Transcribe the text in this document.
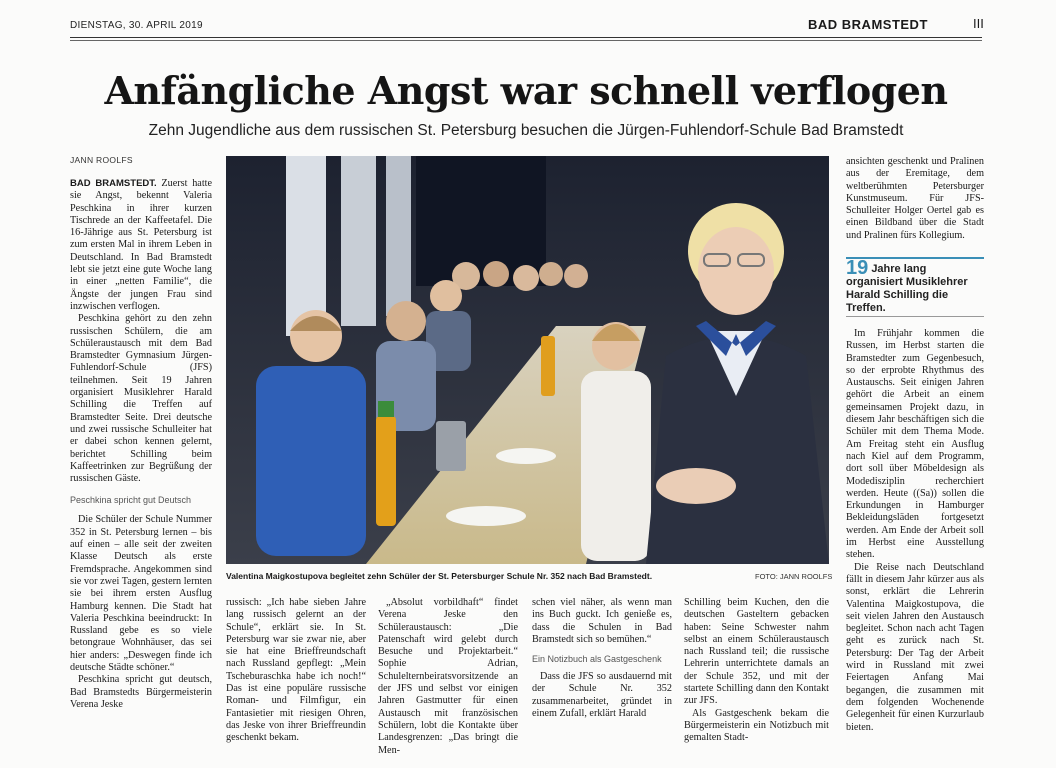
DIENSTAG, 30. APRIL 2019	BAD BRAMSTEDT	III
Anfängliche Angst war schnell verflogen
Zehn Jugendliche aus dem russischen St. Petersburg besuchen die Jürgen-Fuhlendorf-Schule Bad Bramstedt
JANN ROOLFS

BAD BRAMSTEDT. Zuerst hatte sie Angst, bekennt Valeria Peschkina in ihrer kurzen Tischrede an der Kaffeetafel. Die 16-Jährige aus St. Petersburg ist zum ersten Mal in ihrem Leben in Deutschland. In Bad Bramstedt lebt sie jetzt eine gute Woche lang in einer „netten Familie“, die Ängste der jungen Frau sind inzwischen verflogen.

Peschkina gehört zu den zehn russischen Schülern, die am Schüleraustausch mit dem Bad Bramstedter Gymnasium Jürgen-Fuhlendorf-Schule (JFS) teilnehmen. Seit 19 Jahren organisiert Musiklehrer Harald Schilling die Treffen auf Bramstedter Seite. Drei deutsche und zwei russische Schulleiter hat er dabei schon kennen gelernt, berichtet Schilling beim Kaffeetrinken zur Begrüßung der russischen Gäste.

Peschkina spricht gut Deutsch

Die Schüler der Schule Nummer 352 in St. Petersburg lernen – bis auf einen – alle seit der zweiten Klasse Deutsch als erste Fremdsprache. Angekommen sind sie vor zwei Tagen, gestern lernten sie bei ihrem ersten Ausflug Hamburg kennen. Die Stadt hat Valeria Peschkina beeindruckt: In Russland gebe es so viele betongraue Wohnhäuser, das sei hier anders: „Deswegen finde ich deutsche Städte schöner.“

Peschkina spricht gut deutsch, Bad Bramstedts Bürgermeisterin Verena Jeske

Valentina Maigkostupova begleitet zehn Schüler der St. Petersburger Schule Nr. 352 nach Bad Bramstedt.	FOTO: JANN ROOLFS

russisch: „Ich habe sieben Jahre lang russisch gelernt an der Schule“, erklärt sie. In St. Petersburg war sie zwar nie, aber sie hat eine Brieffreundschaft nach Russland gepflegt: „Mein Tscheburaschka habe ich noch!“ Das ist eine populäre russische Roman- und Filmfigur, ein Fantasietier mit riesigen Ohren, das Jeske von ihrer Brieffreundin geschenkt bekam.

„Absolut vorbildhaft“ findet Verena Jeske den Schüleraustausch: „Die Patenschaft wird gelebt durch Besuche und Projektarbeit.“ Sophie Adrian, Schulelternbeiratsvorsitzende an der JFS und selbst vor einigen Jahren Gastmutter für einen Austausch mit französischen Schülern, lobt die Kontakte über Landesgrenzen: „Das bringt die Men-

schen viel näher, als wenn man ins Buch guckt. Ich genieße es, dass die Schulen in Bad Bramstedt sich so bemühen.“

Ein Notizbuch als Gastgeschenk

Dass die JFS so ausdauernd mit der Schule Nr. 352 zusammenarbeitet, gründet in einem Zufall, erklärt Harald

Schilling beim Kuchen, den die deutschen Gasteltern gebacken haben: Seine Schwester nahm selbst an einem Schüleraustausch nach Russland teil; die russische Lehrerin unterrichtete damals an der Schule 352, und mit der startete Schilling dann den Kontakt zur JFS.

Als Gastgeschenk bekam die Bürgermeisterin ein Notizbuch mit gemalten Stadt-

ansichten geschenkt und Pralinen aus der Eremitage, dem weltberühmten Petersburger Kunstmuseum. Für JFS-Schulleiter Holger Oertel gab es einen Bildband über die Stadt und Pralinen fürs Kollegium.

19 Jahre lang organisiert Musiklehrer Harald Schilling die Treffen.

Im Frühjahr kommen die Russen, im Herbst starten die Bramstedter zum Gegenbesuch, so der erprobte Rhythmus des Austauschs. Seit einigen Jahren gehört die Arbeit an einem gemeinsamen Projekt dazu, in diesem Jahr beschäftigen sich die Schüler mit dem Thema Mode. Am Freitag steht ein Ausflug nach Kiel auf dem Programm, dort soll über Möbeldesign als Modedisziplin recherchiert werden. Heute ((Sa)) sollen die Erkundungen in Hamburger Bekleidungsläden fortgesetzt werden. Am Ende der Arbeit soll im Herbst eine Ausstellung stehen.

Die Reise nach Deutschland fällt in diesem Jahr kürzer aus als sonst, erklärt die Lehrerin Valentina Maigkostupova, die seit vielen Jahren den Austausch begleitet. Schon nach acht Tagen geht es zurück nach St. Petersburg: Der Tag der Arbeit wird in Russland mit zwei Feiertagen Anfang Mai begangen, die zusammen mit dem folgenden Wochenende Gelegenheit für einen Kurzurlaub bieten.
